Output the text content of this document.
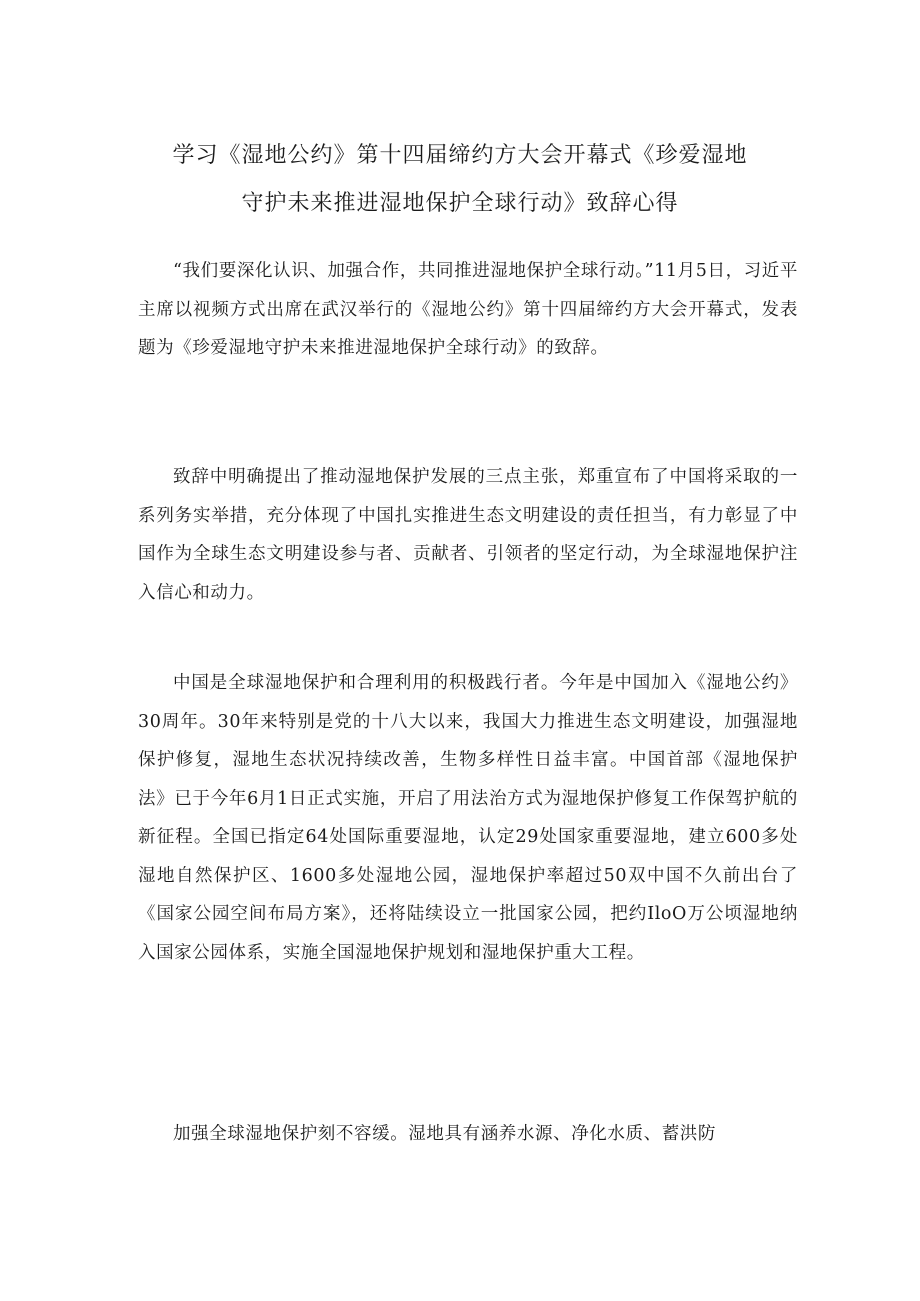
学习《湿地公约》第十四届缔约方大会开幕式《珍爱湿地
守护未来推进湿地保护全球行动》致辞心得

“我们要深化认识、加强合作，共同推进湿地保护全球行动。”11月5日，习近平主席以视频方式出席在武汉举行的《湿地公约》第十四届缔约方大会开幕式，发表题为《珍爱湿地守护未来推进湿地保护全球行动》的致辞。

致辞中明确提出了推动湿地保护发展的三点主张，郑重宣布了中国将采取的一系列务实举措，充分体现了中国扎实推进生态文明建设的责任担当，有力彰显了中国作为全球生态文明建设参与者、贡献者、引领者的坚定行动，为全球湿地保护注入信心和动力。

中国是全球湿地保护和合理利用的积极践行者。今年是中国加入《湿地公约》30周年。30年来特别是党的十八大以来，我国大力推进生态文明建设，加强湿地保护修复，湿地生态状况持续改善，生物多样性日益丰富。中国首部《湿地保护法》已于今年6月1日正式实施，开启了用法治方式为湿地保护修复工作保驾护航的新征程。全国已指定64处国际重要湿地，认定29处国家重要湿地，建立600多处湿地自然保护区、1600多处湿地公园，湿地保护率超过50双中国不久前出台了《国家公园空间布局方案》，还将陆续设立一批国家公园，把约IloO万公顷湿地纳入国家公园体系，实施全国湿地保护规划和湿地保护重大工程。

加强全球湿地保护刻不容缓。湿地具有涵养水源、净化水质、蓄洪防
